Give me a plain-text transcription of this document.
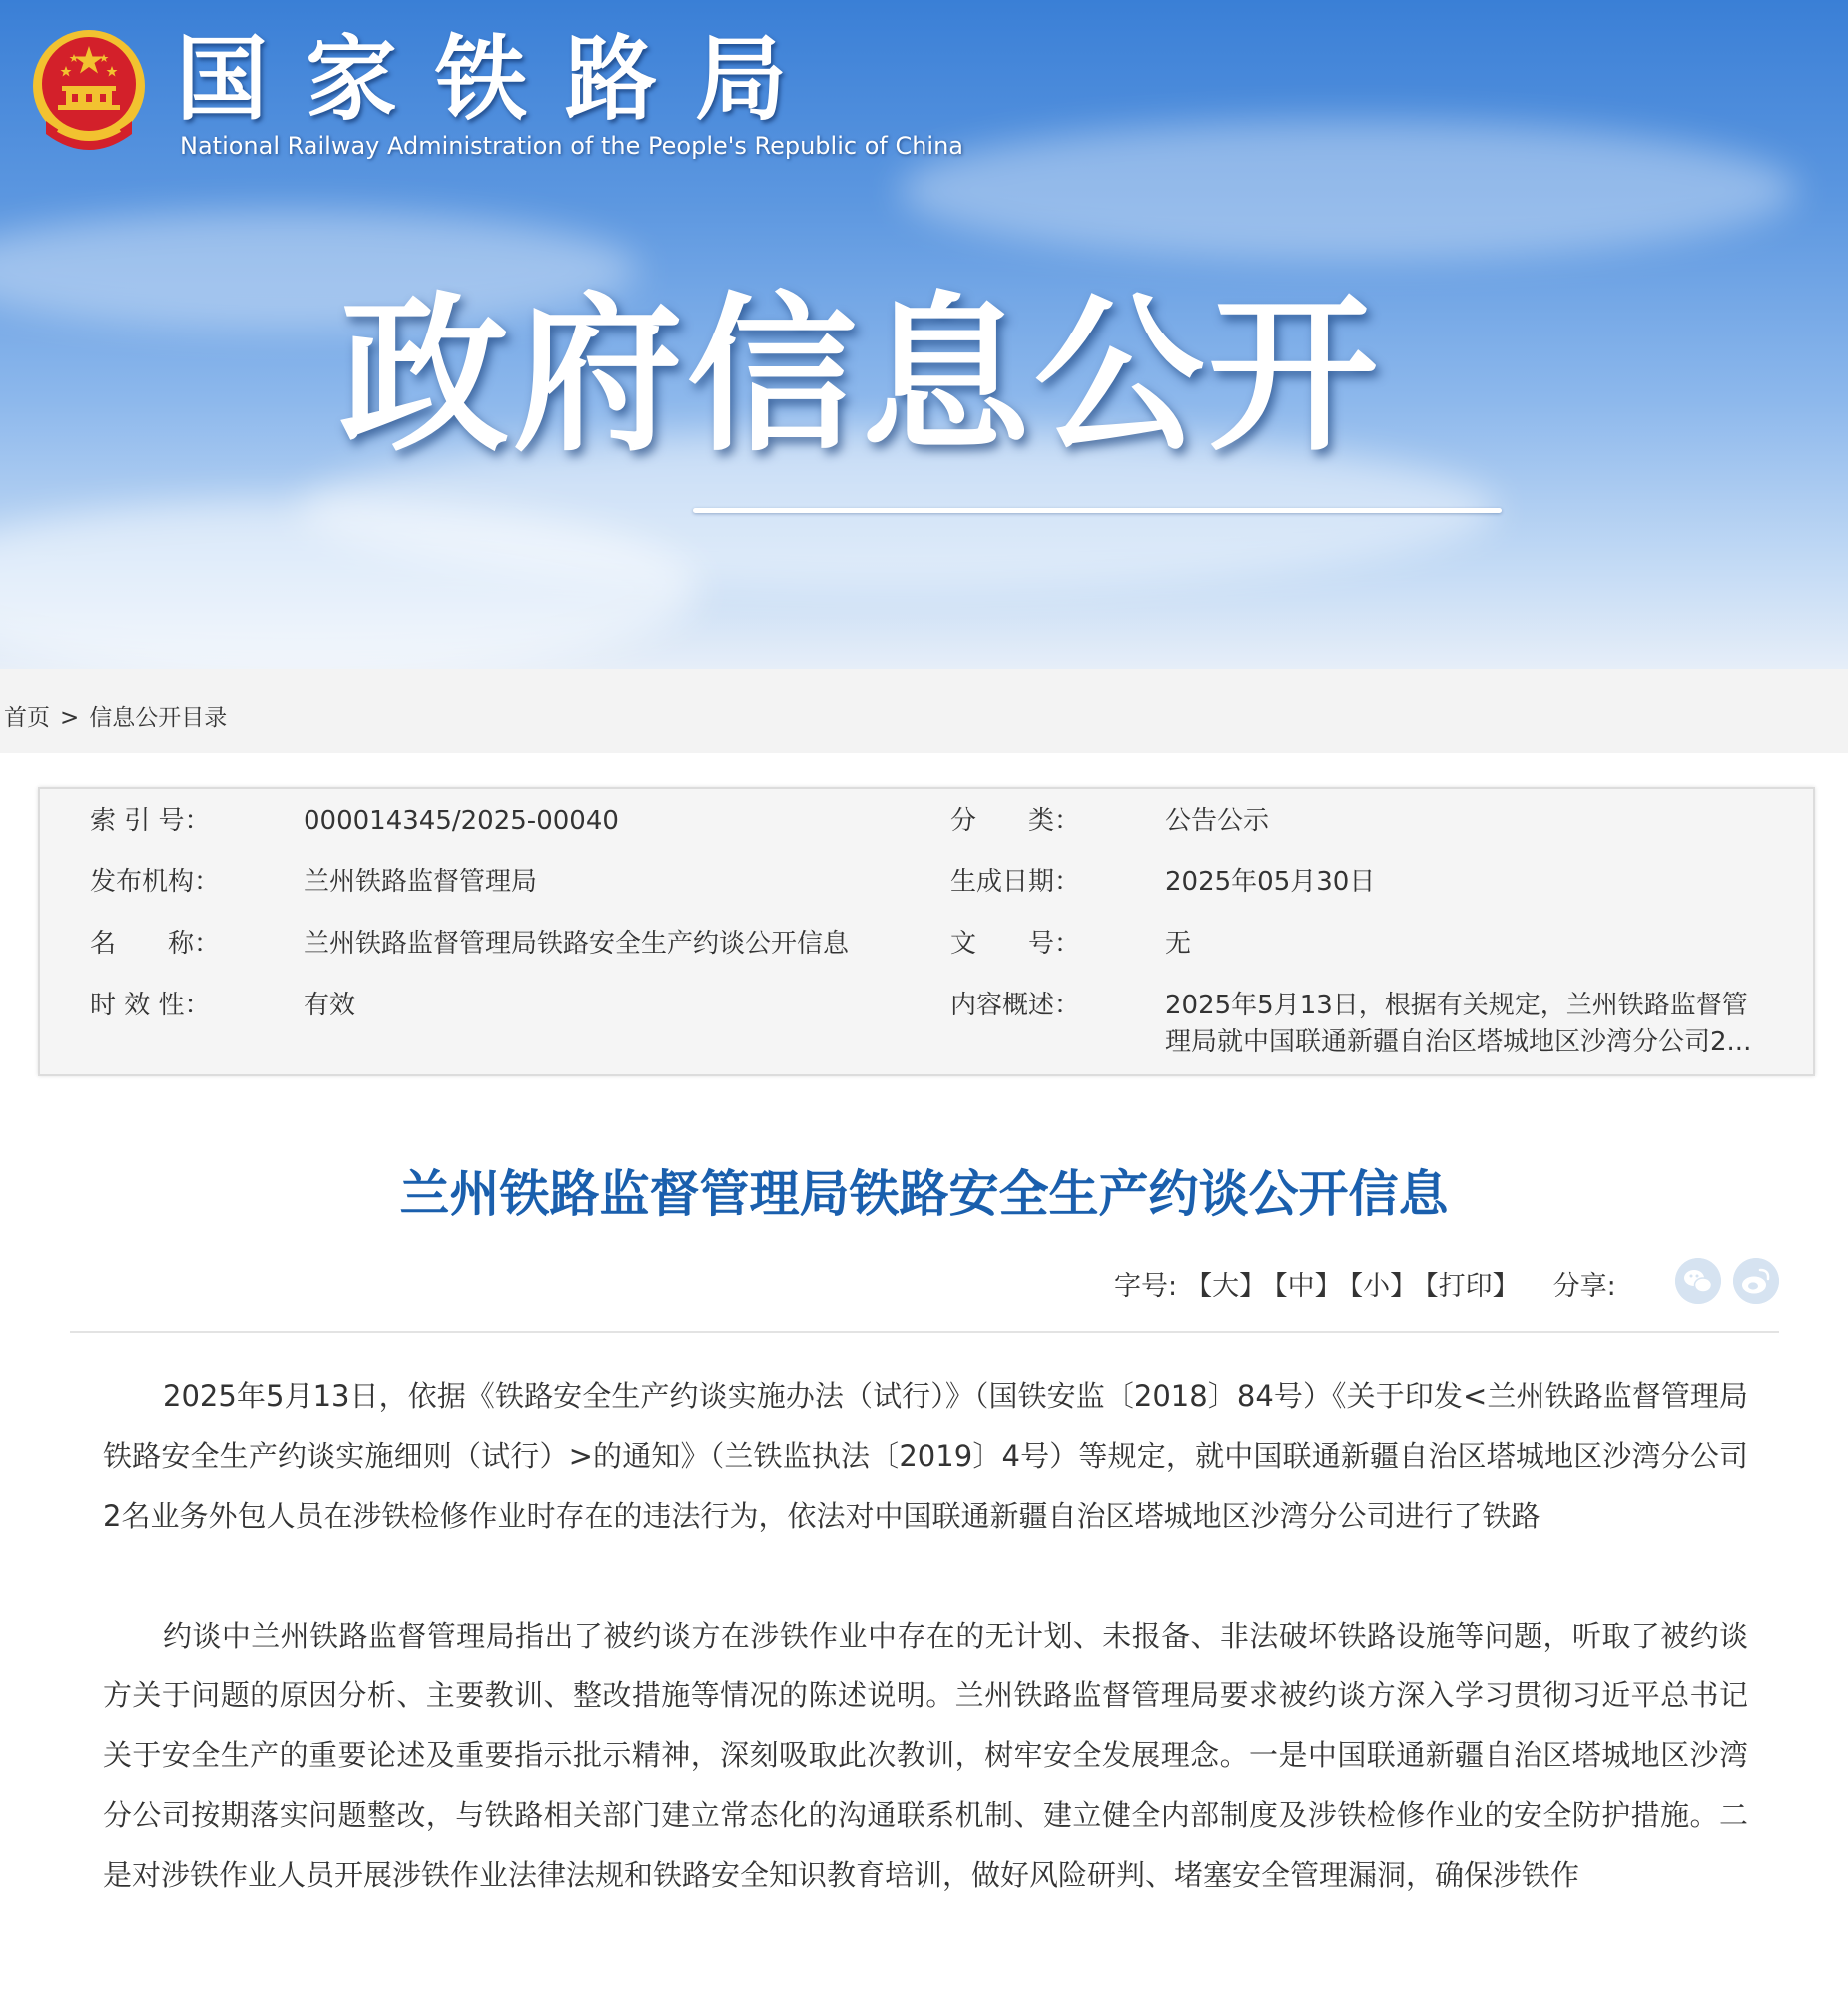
国家铁路局
National Railway Administration of the People's Republic of China
政府信息公开
首页 > 信息公开目录
索 引 号：	000014345/2025-00040	分　　类：	公告公示
发布机构：	兰州铁路监督管理局	生成日期：	2025年05月30日
名　　称：	兰州铁路监督管理局铁路安全生产约谈公开信息	文　　号：	无
时 效 性：	有效	内容概述：	2025年5月13日，根据有关规定，兰州铁路监督管理局就中国联通新疆自治区塔城地区沙湾分公司2...
兰州铁路监督管理局铁路安全生产约谈公开信息
字号: 【大】 【中】 【小】 【打印】 分享:
2025年5月13日，依据《铁路安全生产约谈实施办法（试行）》（国铁安监〔2018〕84号）《关于印发<兰州铁路监督管理局铁路安全生产约谈实施细则（试行）>的通知》（兰铁监执法〔2019〕4号）等规定，就中国联通新疆自治区塔城地区沙湾分公司2名业务外包人员在涉铁检修作业时存在的违法行为，依法对中国联通新疆自治区塔城地区沙湾分公司进行了铁路
约谈中兰州铁路监督管理局指出了被约谈方在涉铁作业中存在的无计划、未报备、非法破坏铁路设施等问题，听取了被约谈方关于问题的原因分析、主要教训、整改措施等情况的陈述说明。兰州铁路监督管理局要求被约谈方深入学习贯彻习近平总书记关于安全生产的重要论述及重要指示批示精神，深刻吸取此次教训，树牢安全发展理念。一是中国联通新疆自治区塔城地区沙湾分公司按期落实问题整改，与铁路相关部门建立常态化的沟通联系机制、建立健全内部制度及涉铁检修作业的安全防护措施。二是对涉铁作业人员开展涉铁作业法律法规和铁路安全知识教育培训，做好风险研判、堵塞安全管理漏洞，确保涉铁作
